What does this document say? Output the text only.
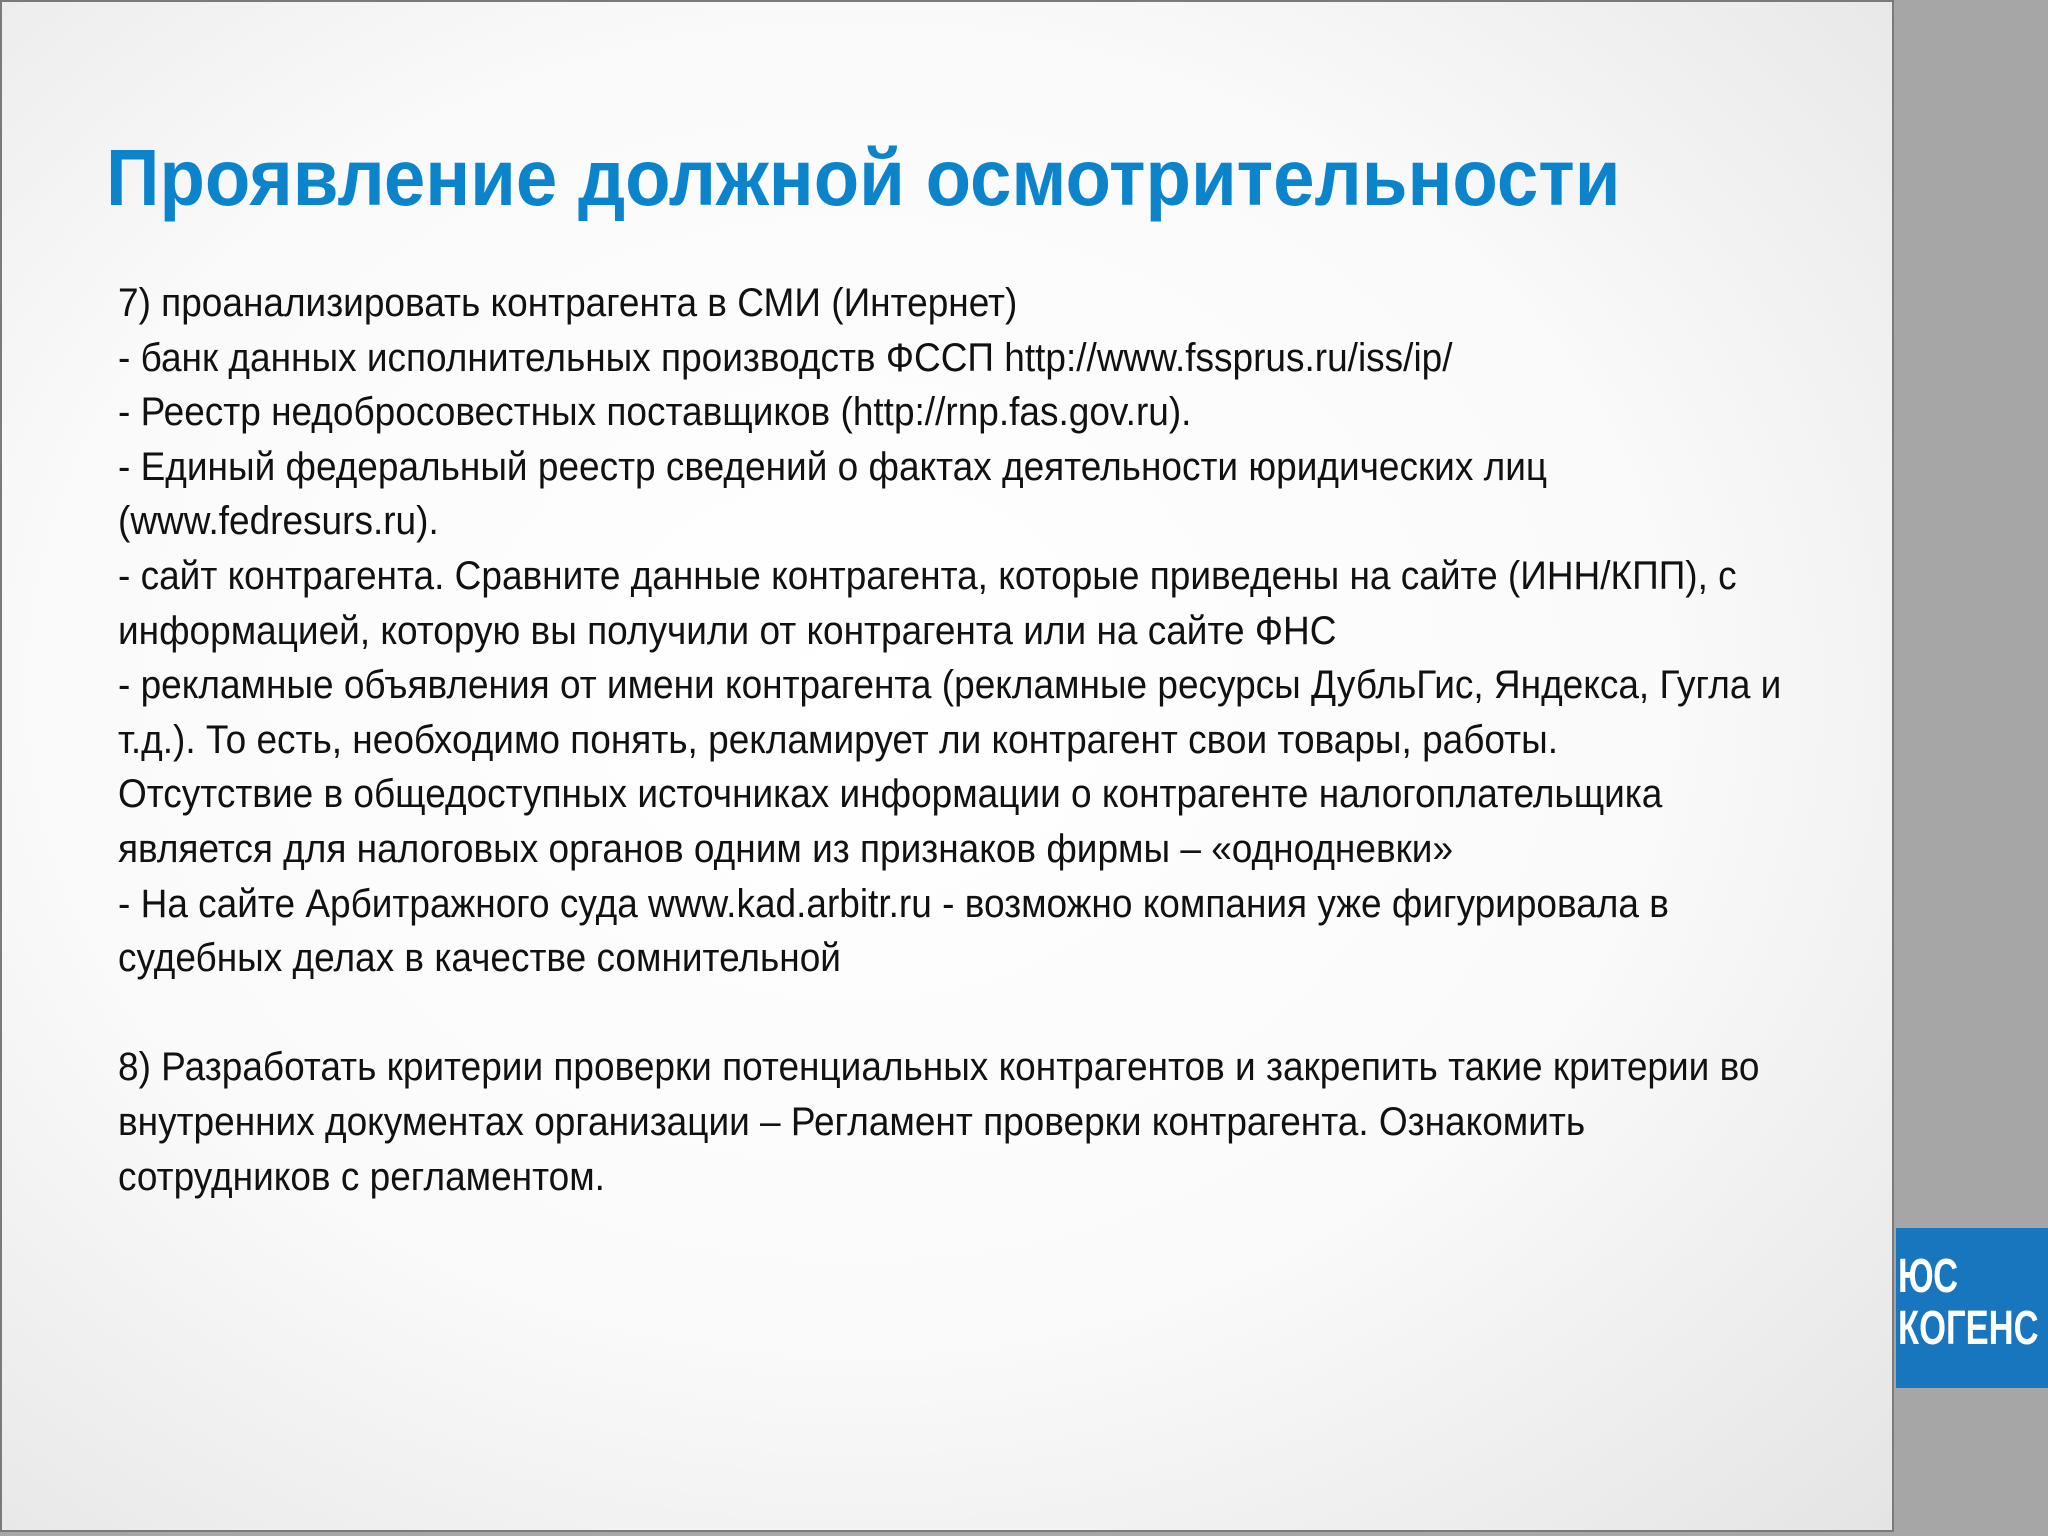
Проявление должной осмотрительности
7) проанализировать контрагента в СМИ (Интернет)
- банк данных исполнительных производств ФССП http://www.fssprus.ru/iss/ip/
- Реестр недобросовестных поставщиков (http://rnp.fas.gov.ru).
- Единый федеральный реестр сведений о фактах деятельности юридических лиц
(www.fedresurs.ru).
- сайт контрагента. Сравните данные контрагента, которые приведены на сайте (ИНН/КПП), с
информацией, которую вы получили от контрагента или на сайте ФНС
- рекламные объявления от имени контрагента (рекламные ресурсы ДубльГис, Яндекса, Гугла и
т.д.). То есть, необходимо понять, рекламирует ли контрагент свои товары, работы.
Отсутствие в общедоступных источниках информации о контрагенте налогоплательщика
является для налоговых органов одним из признаков фирмы – «однодневки»
- На сайте Арбитражного суда www.kad.arbitr.ru - возможно компания уже фигурировала в
судебных делах в качестве сомнительной
8) Разработать критерии проверки потенциальных контрагентов и закрепить такие критерии во
внутренних документах организации – Регламент проверки контрагента. Ознакомить
сотрудников с регламентом.
ЮС
КОГЕНС
